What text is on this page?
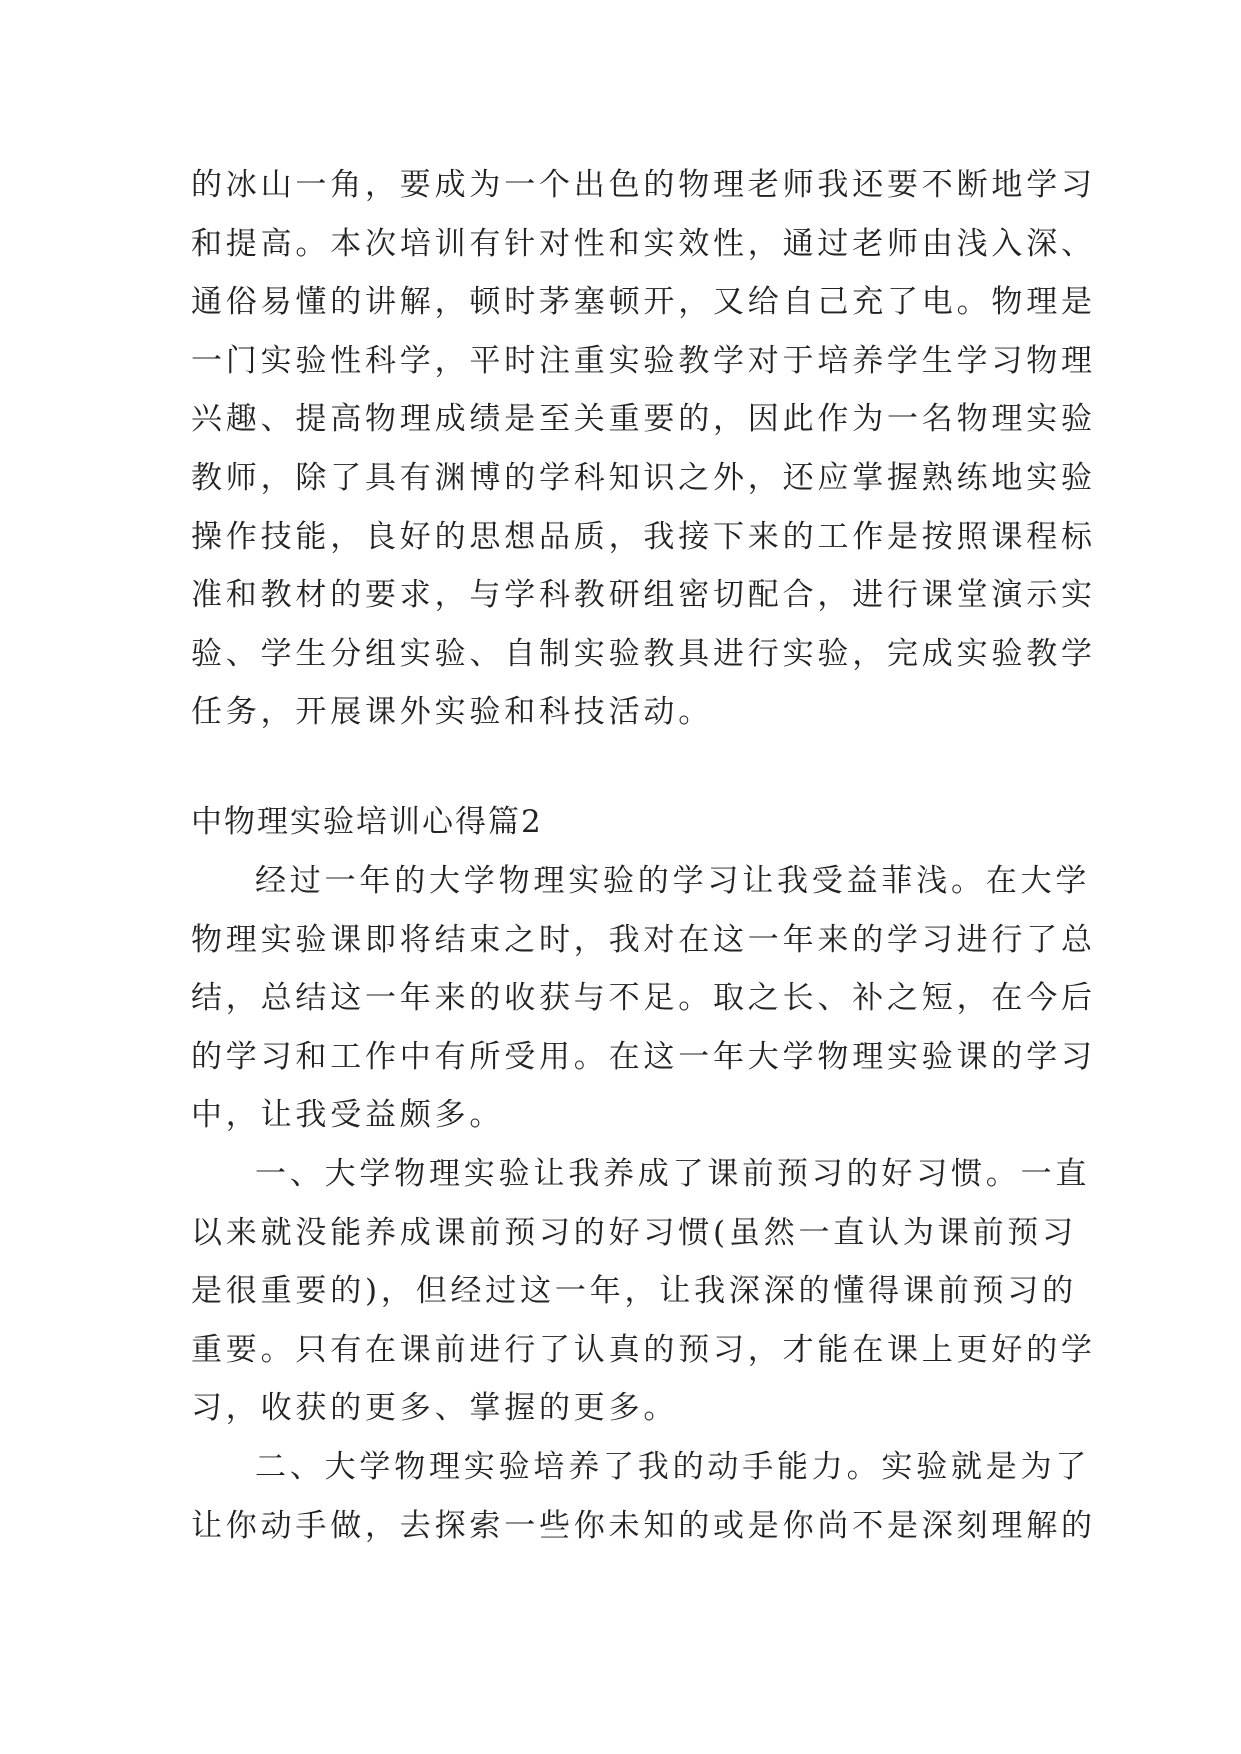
的冰山一角，要成为一个出色的物理老师我还要不断地学习
和提高。本次培训有针对性和实效性，通过老师由浅入深、
通俗易懂的讲解，顿时茅塞顿开，又给自己充了电。物理是
一门实验性科学，平时注重实验教学对于培养学生学习物理
兴趣、提高物理成绩是至关重要的，因此作为一名物理实验
教师，除了具有渊博的学科知识之外，还应掌握熟练地实验
操作技能，良好的思想品质，我接下来的工作是按照课程标
准和教材的要求，与学科教研组密切配合，进行课堂演示实
验、学生分组实验、自制实验教具进行实验，完成实验教学
任务，开展课外实验和科技活动。
中物理实验培训心得篇2
经过一年的大学物理实验的学习让我受益菲浅。在大学
物理实验课即将结束之时，我对在这一年来的学习进行了总
结，总结这一年来的收获与不足。取之长、补之短，在今后
的学习和工作中有所受用。在这一年大学物理实验课的学习
中，让我受益颇多。
一、大学物理实验让我养成了课前预习的好习惯。一直
以来就没能养成课前预习的好习惯(虽然一直认为课前预习
是很重要的)，但经过这一年，让我深深的懂得课前预习的
重要。只有在课前进行了认真的预习，才能在课上更好的学
习，收获的更多、掌握的更多。
二、大学物理实验培养了我的动手能力。实验就是为了
让你动手做，去探索一些你未知的或是你尚不是深刻理解的
